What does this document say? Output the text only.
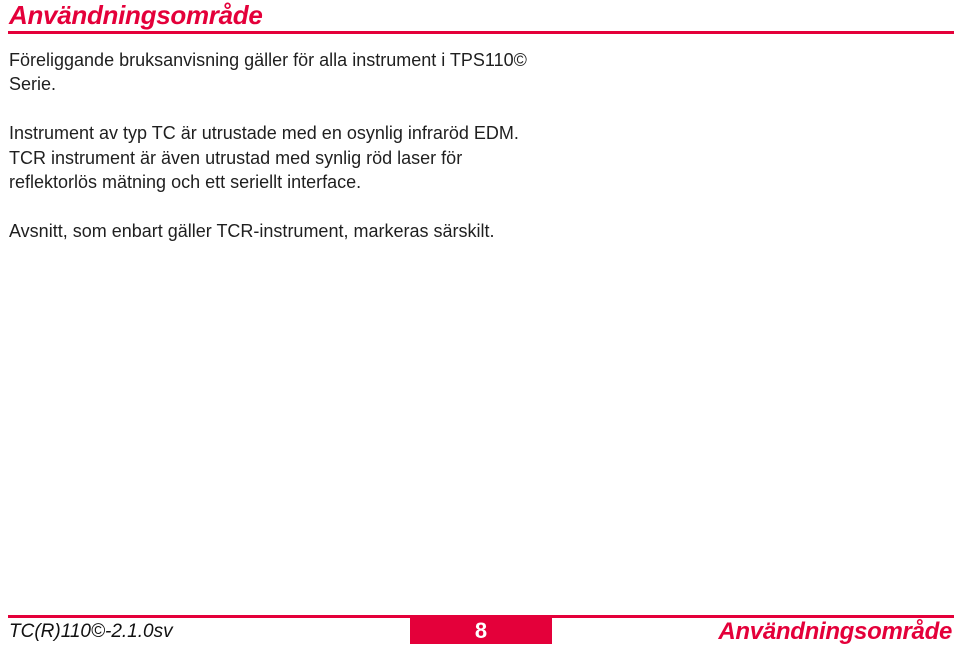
Användningsområde

Föreliggande bruksanvisning gäller för alla instrument i TPS110© Serie.

Instrument av typ TC är utrustade med en osynlig infraröd EDM. TCR instrument är även utrustad med synlig röd laser för reflektorlös mätning och ett seriellt interface.

Avsnitt, som enbart gäller TCR-instrument, markeras särskilt.

TC(R)110©-2.1.0sv	8	Användningsområde
